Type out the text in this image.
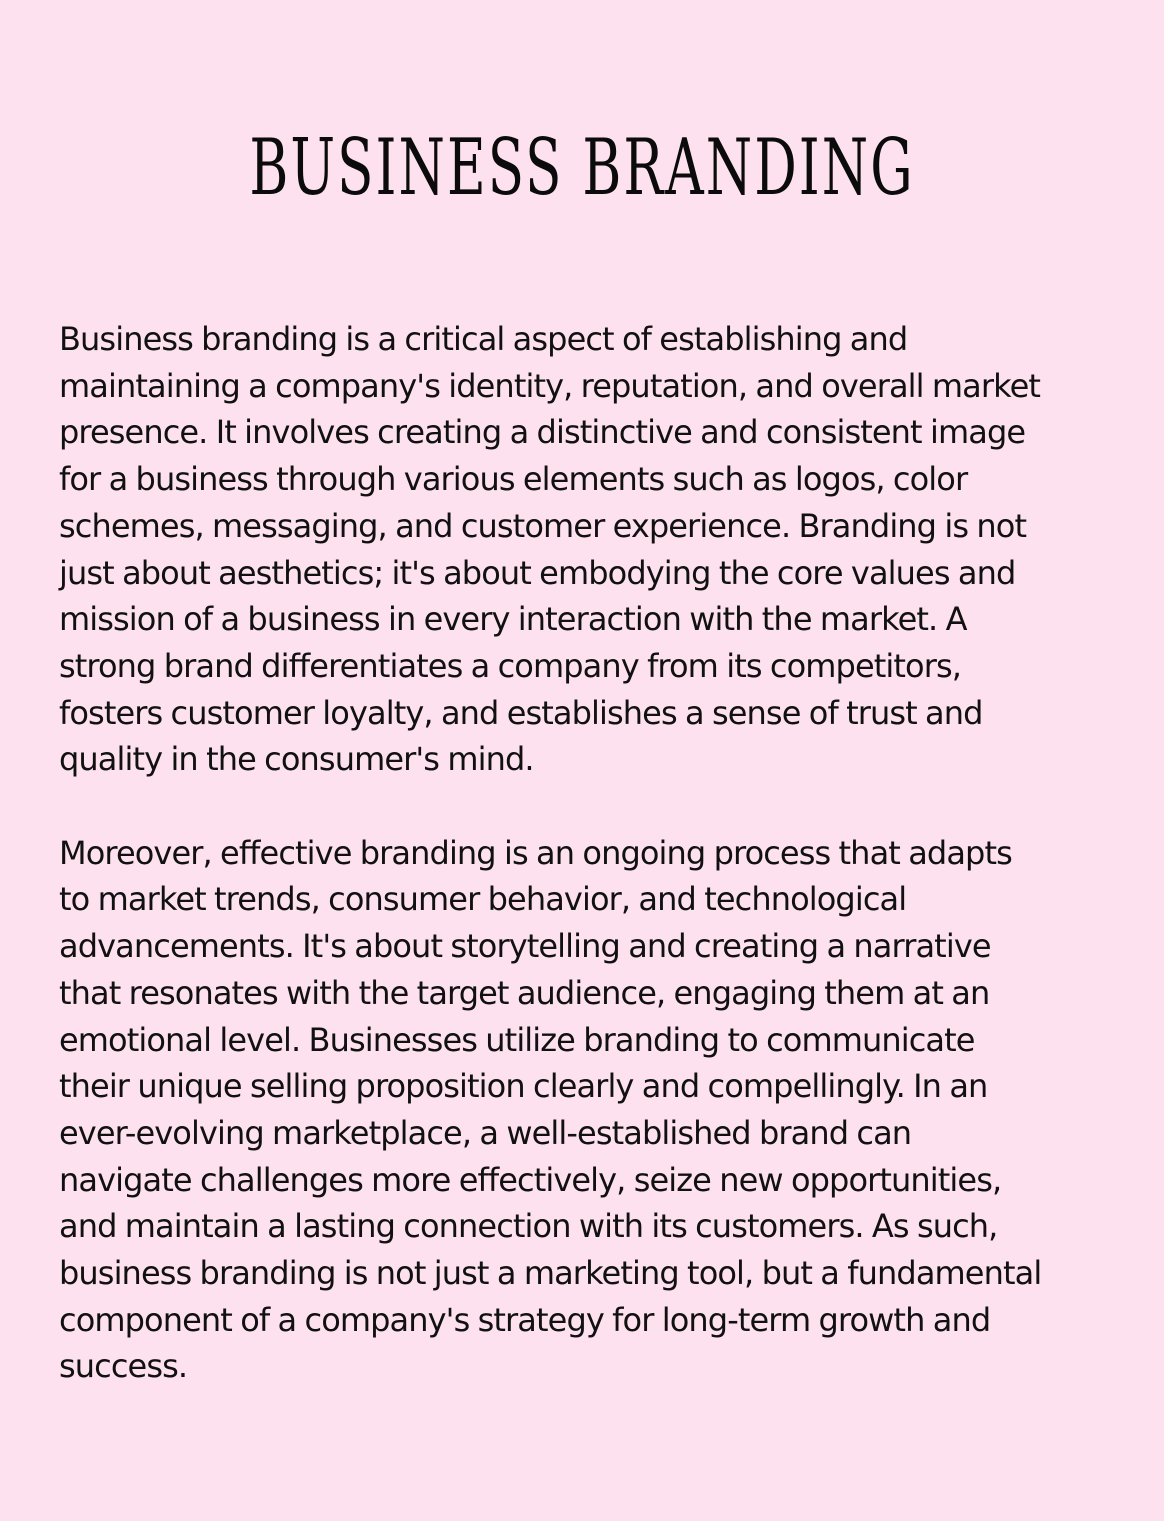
BUSINESS BRANDING

Business branding is a critical aspect of establishing and
maintaining a company's identity, reputation, and overall market
presence. It involves creating a distinctive and consistent image
for a business through various elements such as logos, color
schemes, messaging, and customer experience. Branding is not
just about aesthetics; it's about embodying the core values and
mission of a business in every interaction with the market. A
strong brand differentiates a company from its competitors,
fosters customer loyalty, and establishes a sense of trust and
quality in the consumer's mind.

Moreover, effective branding is an ongoing process that adapts
to market trends, consumer behavior, and technological
advancements. It's about storytelling and creating a narrative
that resonates with the target audience, engaging them at an
emotional level. Businesses utilize branding to communicate
their unique selling proposition clearly and compellingly. In an
ever-evolving marketplace, a well-established brand can
navigate challenges more effectively, seize new opportunities,
and maintain a lasting connection with its customers. As such,
business branding is not just a marketing tool, but a fundamental
component of a company's strategy for long-term growth and
success.
